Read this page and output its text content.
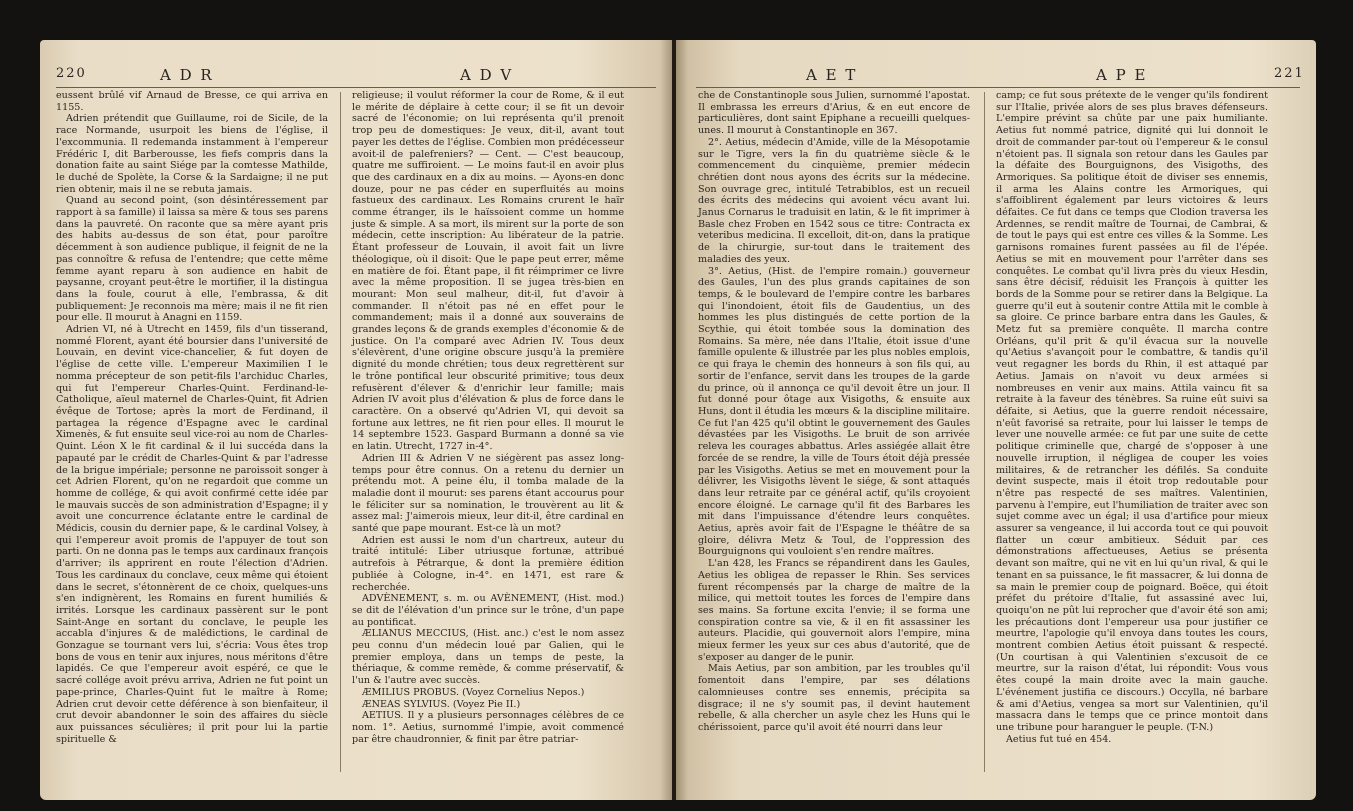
220	A D R	A D V

eussent brûlé vif Arnaud de Bresse, ce qui arriva en 1155.

Adrien prétendit que Guillaume, roi de Sicile, de la race Normande, usurpoit les biens de l'église, il l'excommunia. Il redemanda instamment à l'empereur Frédéric I, dit Barberousse, les fiefs compris dans la donation faite au saint Siége par la comtesse Mathilde, le duché de Spolète, la Corse & la Sardaigne; il ne put rien obtenir, mais il ne se rebuta jamais.

Quand au second point, (son désintéressement par rapport à sa famille) il laissa sa mère & tous ses parens dans la pauvreté. On raconte que sa mère ayant pris des habits au-dessus de son état, pour paroître décemment à son audience publique, il feignit de ne la pas connoître & refusa de l'entendre; que cette même femme ayant reparu à son audience en habit de paysanne, croyant peut-être le mortifier, il la distingua dans la foule, courut à elle, l'embrassa, & dit publiquement: Je reconnois ma mère; mais il ne fit rien pour elle. Il mourut à Anagni en 1159.

Adrien VI, né à Utrecht en 1459, fils d'un tisserand, nommé Florent, ayant été boursier dans l'université de Louvain, en devint vice-chancelier, & fut doyen de l'église de cette ville. L'empereur Maximilien I le nomma précepteur de son petit-fils l'archiduc Charles, qui fut l'empereur Charles-Quint. Ferdinand-le-Catholique, aïeul maternel de Charles-Quint, fit Adrien évêque de Tortose; après la mort de Ferdinand, il partagea la régence d'Espagne avec le cardinal Ximenès, & fut ensuite seul vice-roi au nom de Charles-Quint. Léon X le fit cardinal & il lui succéda dans la papauté par le crédit de Charles-Quint & par l'adresse de la brigue impériale; personne ne paroissoit songer à cet Adrien Florent, qu'on ne regardoit que comme un homme de collége, & qui avoit confirmé cette idée par le mauvais succès de son administration d'Espagne; il y avoit une concurrence éclatante entre le cardinal de Médicis, cousin du dernier pape, & le cardinal Volsey, à qui l'empereur avoit promis de l'appuyer de tout son parti. On ne donna pas le temps aux cardinaux françois d'arriver; ils apprirent en route l'élection d'Adrien. Tous les cardinaux du conclave, ceux même qui étoient dans le secret, s'étonnèrent de ce choix, quelques-uns s'en indignèrent, les Romains en furent humiliés & irrités. Lorsque les cardinaux passèrent sur le pont Saint-Ange en sortant du conclave, le peuple les accabla d'injures & de malédictions, le cardinal de Gonzague se tournant vers lui, s'écria: Vous êtes trop bons de vous en tenir aux injures, nous méritons d'être lapidés. Ce que l'empereur avoit espéré, ce que le sacré collége avoit prévu arriva, Adrien ne fut point un pape-prince, Charles-Quint fut le maître à Rome; Adrien crut devoir cette déférence à son bienfaiteur, il crut devoir abandonner le soin des affaires du siècle aux puissances séculières; il prit pour lui la partie spirituelle &

religieuse; il voulut réformer la cour de Rome, & il eut le mérite de déplaire à cette cour; il se fit un devoir sacré de l'économie; on lui représenta qu'il prenoit trop peu de domestiques: Je veux, dit-il, avant tout payer les dettes de l'église. Combien mon prédécesseur avoit-il de palefreniers? — Cent. — C'est beaucoup, quatre me suffiroient. — Le moins faut-il en avoir plus que des cardinaux en a dix au moins. — Ayons-en donc douze, pour ne pas céder en superfluités au moins fastueux des cardinaux. Les Romains crurent le haïr comme étranger, ils le haïssoient comme un homme juste & simple. A sa mort, ils mirent sur la porte de son médecin, cette inscription: Au libérateur de la patrie. Étant professeur de Louvain, il avoit fait un livre théologique, où il disoit: Que le pape peut errer, même en matière de foi. Étant pape, il fit réimprimer ce livre avec la même proposition. Il se jugea très-bien en mourant: Mon seul malheur, dit-il, fut d'avoir à commander. Il n'étoit pas né en effet pour le commandement; mais il a donné aux souverains de grandes leçons & de grands exemples d'économie & de justice. On l'a comparé avec Adrien IV. Tous deux s'élevèrent, d'une origine obscure jusqu'à la première dignité du monde chrétien; tous deux regrettèrent sur le trône pontifical leur obscurité primitive; tous deux refusèrent d'élever & d'enrichir leur famille; mais Adrien IV avoit plus d'élévation & plus de force dans le caractère. On a observé qu'Adrien VI, qui devoit sa fortune aux lettres, ne fit rien pour elles. Il mourut le 14 septembre 1523. Gaspard Burmann a donné sa vie en latin. Utrecht, 1727 in-4°.

Adrien III & Adrien V ne siégèrent pas assez long-temps pour être connus. On a retenu du dernier un prétendu mot. A peine élu, il tomba malade de la maladie dont il mourut: ses parens étant accourus pour le féliciter sur sa nomination, le trouvèrent au lit & assez mal: J'aimerois mieux, leur dit-il, être cardinal en santé que pape mourant. Est-ce là un mot?

Adrien est aussi le nom d'un chartreux, auteur du traité intitulé: Liber utriusque fortunæ, attribué autrefois à Pétrarque, & dont la première édition publiée à Cologne, in-4°. en 1471, est rare & recherchée.

ADVÈNEMENT, s. m. ou AVÈNEMENT, (Hist. mod.) se dit de l'élévation d'un prince sur le trône, d'un pape au pontificat.

ÆLIANUS MECCIUS, (Hist. anc.) c'est le nom assez peu connu d'un médecin loué par Galien, qui le premier employa, dans un temps de peste, la thériaque, & comme remède, & comme préservatif, & l'un & l'autre avec succès.

ÆMILIUS PROBUS. (Voyez Cornelius Nepos.)

ÆNEAS SYLVIUS. (Voyez Pie II.)

AETIUS. Il y a plusieurs personnages célèbres de ce nom. 1°. Aetius, surnommé l'impie, avoit commencé par être chaudronnier, & finit par être patriar-

A E T	A P E	221

che de Constantinople sous Julien, surnommé l'apostat. Il embrassa les erreurs d'Arius, & en eut encore de particulières, dont saint Epiphane a recueilli quelques-unes. Il mourut à Constantinople en 367.

2°. Aetius, médecin d'Amide, ville de la Mésopotamie sur le Tigre, vers la fin du quatrième siècle & le commencement du cinquième, premier médecin chrétien dont nous ayons des écrits sur la médecine. Son ouvrage grec, intitulé Tetrabiblos, est un recueil des écrits des médecins qui avoient vécu avant lui. Janus Cornarus le traduisit en latin, & le fit imprimer à Basle chez Froben en 1542 sous ce titre: Contracta ex veteribus medicina. Il excelloit, dit-on, dans la pratique de la chirurgie, sur-tout dans le traitement des maladies des yeux.

3°. Aetius, (Hist. de l'empire romain.) gouverneur des Gaules, l'un des plus grands capitaines de son temps, & le boulevard de l'empire contre les barbares qui l'inondoient, étoit fils de Gaudentius, un des hommes les plus distingués de cette portion de la Scythie, qui étoit tombée sous la domination des Romains. Sa mère, née dans l'Italie, étoit issue d'une famille opulente & illustrée par les plus nobles emplois, ce qui fraya le chemin des honneurs à son fils qui, au sortir de l'enfance, servit dans les troupes de la garde du prince, où il annonça ce qu'il devoit être un jour. Il fut donné pour ôtage aux Visigoths, & ensuite aux Huns, dont il étudia les mœurs & la discipline militaire. Ce fut l'an 425 qu'il obtint le gouvernement des Gaules dévastées par les Visigoths. Le bruit de son arrivée releva les courages abbattus. Arles assiégée allait être forcée de se rendre, la ville de Tours étoit déjà pressée par les Visigoths. Aetius se met en mouvement pour la délivrer, les Visigoths lèvent le siége, & sont attaqués dans leur retraite par ce général actif, qu'ils croyoient encore éloigné. Le carnage qu'il fit des Barbares les mit dans l'impuissance d'étendre leurs conquêtes. Aetius, après avoir fait de l'Espagne le théâtre de sa gloire, délivra Metz & Toul, de l'oppression des Bourguignons qui vouloient s'en rendre maîtres.

L'an 428, les Francs se répandirent dans les Gaules, Aetius les obligea de repasser le Rhin. Ses services furent récompensés par la charge de maître de la milice, qui mettoit toutes les forces de l'empire dans ses mains. Sa fortune excita l'envie; il se forma une conspiration contre sa vie, & il en fit assassiner les auteurs. Placidie, qui gouvernoit alors l'empire, mina mieux fermer les yeux sur ces abus d'autorité, que de s'exposer au danger de le punir.

Mais Aetius, par son ambition, par les troubles qu'il fomentoit dans l'empire, par ses délations calomnieuses contre ses ennemis, précipita sa disgrace; il ne s'y soumit pas, il devint hautement rebelle, & alla chercher un asyle chez les Huns qui le chérissoient, parce qu'il avoit été nourri dans leur

camp; ce fut sous prétexte de le venger qu'ils fondirent sur l'Italie, privée alors de ses plus braves défenseurs. L'empire prévint sa chûte par une paix humiliante. Aetius fut nommé patrice, dignité qui lui donnoit le droit de commander par-tout où l'empereur & le consul n'étoient pas. Il signala son retour dans les Gaules par la défaite des Bourguignons, des Visigoths, des Armoriques. Sa politique étoit de diviser ses ennemis, il arma les Alains contre les Armoriques, qui s'affoiblirent également par leurs victoires & leurs défaites. Ce fut dans ce temps que Clodion traversa les Ardennes, se rendit maître de Tournai, de Cambrai, & de tout le pays qui est entre ces villes & la Somme. Les garnisons romaines furent passées au fil de l'épée. Aetius se mit en mouvement pour l'arrêter dans ses conquêtes. Le combat qu'il livra près du vieux Hesdin, sans être décisif, réduisit les François à quitter les bords de la Somme pour se retirer dans la Belgique. La guerre qu'il eut à soutenir contre Attila mit le comble à sa gloire. Ce prince barbare entra dans les Gaules, & Metz fut sa première conquête. Il marcha contre Orléans, qu'il prit & qu'il évacua sur la nouvelle qu'Aetius s'avançoit pour le combattre, & tandis qu'il veut regagner les bords du Rhin, il est attaqué par Aetius. Jamais on n'avoit vu deux armées si nombreuses en venir aux mains. Attila vaincu fit sa retraite à la faveur des ténèbres. Sa ruine eût suivi sa défaite, si Aetius, que la guerre rendoit nécessaire, n'eût favorisé sa retraite, pour lui laisser le temps de lever une nouvelle armée: ce fut par une suite de cette politique criminelle que, chargé de s'opposer à une nouvelle irruption, il négligea de couper les voies militaires, & de retrancher les défilés. Sa conduite devint suspecte, mais il étoit trop redoutable pour n'être pas respecté de ses maîtres. Valentinien, parvenu à l'empire, eut l'humiliation de traiter avec son sujet comme avec un égal; il usa d'artifice pour mieux assurer sa vengeance, il lui accorda tout ce qui pouvoit flatter un cœur ambitieux. Séduit par ces démonstrations affectueuses, Aetius se présenta devant son maître, qui ne vit en lui qu'un rival, & qui le tenant en sa puissance, le fit massacrer, & lui donna de sa main le premier coup de poignard. Boëce, qui étoit préfet du prétoire d'Italie, fut assassiné avec lui, quoiqu'on ne pût lui reprocher que d'avoir été son ami; les précautions dont l'empereur usa pour justifier ce meurtre, l'apologie qu'il envoya dans toutes les cours, montrent combien Aetius étoit puissant & respecté. (Un courtisan à qui Valentinien s'excusoit de ce meurtre, sur la raison d'état, lui répondit: Vous vous êtes coupé la main droite avec la main gauche. L'événement justifia ce discours.) Occylla, né barbare & ami d'Aetius, vengea sa mort sur Valentinien, qu'il massacra dans le temps que ce prince montoit dans une tribune pour haranguer le peuple. (T-N.)

Aetius fut tué en 454.
